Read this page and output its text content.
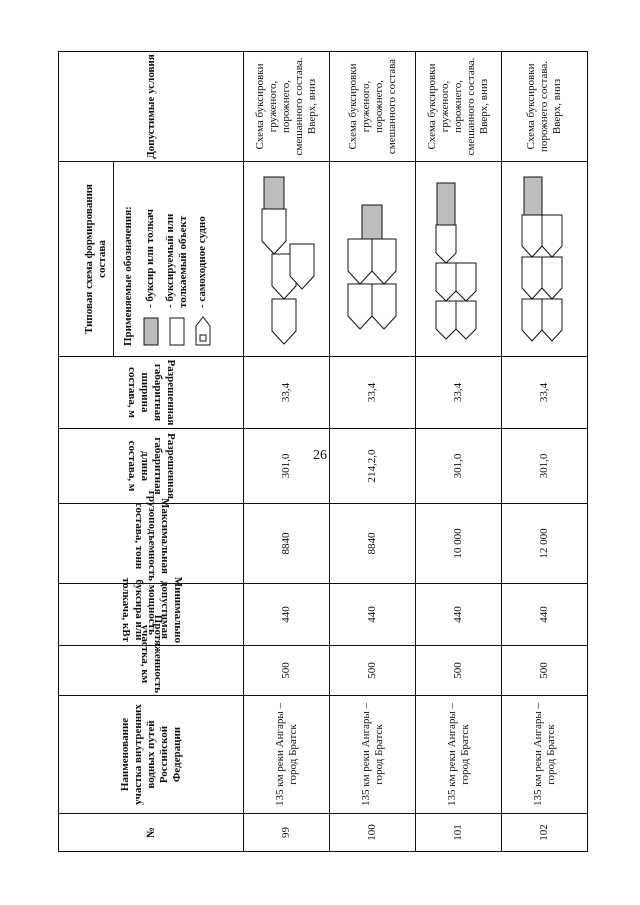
26
№	Наименование участка внутренних водных путей Российской Федерации	Протяженность участка, км	Минимально допустимая мощность буксира или толкача, кВт	Максимальная грузоподъемность состава, тонн	Разрешенная габаритная длина состава, м	Разрешенная габаритная ширина состава, м	Типовая схема формирования состава Применяемые обозначения: - буксир или толкач - буксируемый или толкаемый объект - самоходное судно	Допустимые условия
99	135 км реки Ангары – город Братск	500	440	8840	301,0	33,4		Схема буксировки груженого, порожнего, смешанного состава. Вверх, вниз
100	135 км реки Ангары – город Братск	500	440	8840	214,2,0	33,4		Схема буксировки груженого, порожнего, смешанного состава
101	135 км реки Ангары – город Братск	500	440	10 000	301,0	33,4		Схема буксировки груженого, порожнего, смешанного состава. Вверх, вниз
102	135 км реки Ангары – город Братск	500	440	12 000	301,0	33,4		Схема буксировки порожнего состава. Вверх, вниз
